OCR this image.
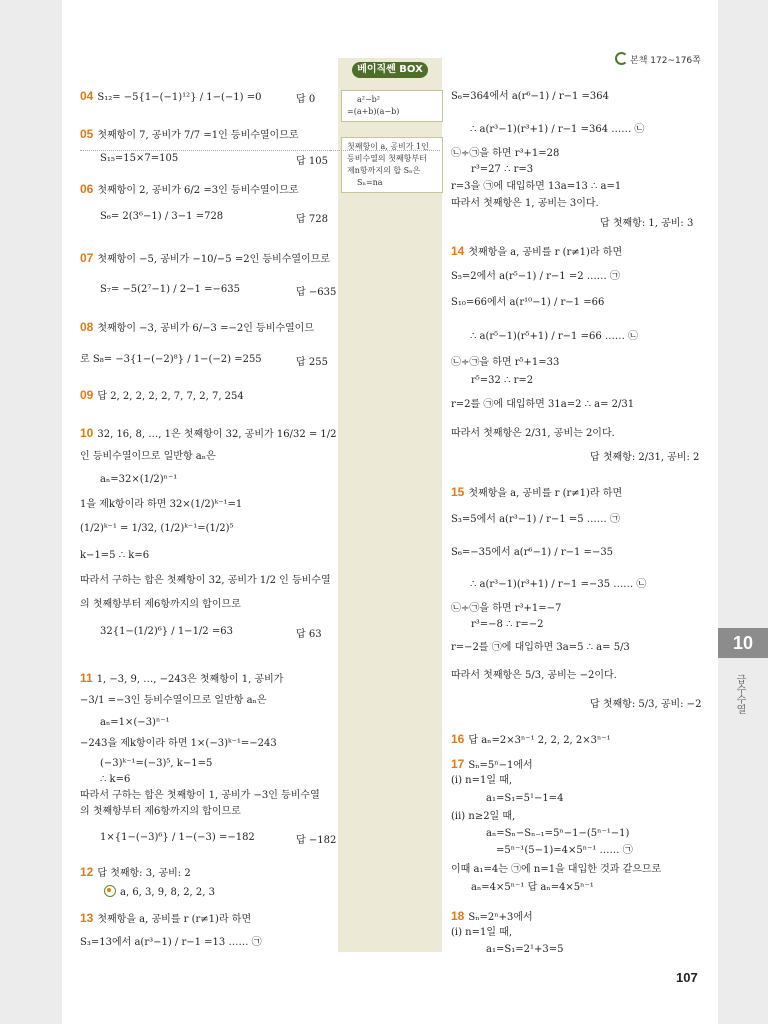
베이직쎈 BOX
본책 172~176쪽
a²−b²
=(a+b)(a−b)
첫째항이 a, 공비가 1인
등비수열의 첫째항부터
제n항까지의 합 Sₙ은
Sₙ=na
04 S₁₂= −5{1−(−1)¹²} / 1−(−1) =0	답 0
05 첫째항이 7, 공비가 7/7 =1인 등비수열이므로
S₁₅=15×7=105	답 105
06 첫째항이 2, 공비가 6/2 =3인 등비수열이므로
S₆= 2(3⁶−1) / 3−1 =728	답 728
07 첫째항이 −5, 공비가 −10/−5 =2인 등비수열이므로
S₇= −5(2⁷−1) / 2−1 =−635	답 −635
08 첫째항이 −3, 공비가 6/−3 =−2인 등비수열이므
로 S₈= −3{1−(−2)⁸} / 1−(−2) =255	답 255
09 답 2, 2, 2, 2, 2, 7, 7, 2, 7, 254
10 32, 16, 8, …, 1은 첫째항이 32, 공비가 16/32 = 1/2
인 등비수열이므로 일반항 aₙ은
aₙ=32×(1/2)ⁿ⁻¹
1을 제k항이라 하면 32×(1/2)ᵏ⁻¹=1
(1/2)ᵏ⁻¹ = 1/32, (1/2)ᵏ⁻¹=(1/2)⁵
k−1=5 ∴ k=6
따라서 구하는 합은 첫째항이 32, 공비가 1/2 인 등비수열
의 첫째항부터 제6항까지의 합이므로
32{1−(1/2)⁶} / 1−1/2 =63	답 63
11 1, −3, 9, …, −243은 첫째항이 1, 공비가
−3/1 =−3인 등비수열이므로 일반항 aₙ은
aₙ=1×(−3)ⁿ⁻¹
−243을 제k항이라 하면 1×(−3)ᵏ⁻¹=−243
(−3)ᵏ⁻¹=(−3)⁵, k−1=5
∴ k=6
따라서 구하는 합은 첫째항이 1, 공비가 −3인 등비수열
의 첫째항부터 제6항까지의 합이므로
1×{1−(−3)⁶} / 1−(−3) =−182	답 −182
12 답 첫째항: 3, 공비: 2
a, 6, 3, 9, 8, 2, 2, 3
13 첫째항을 a, 공비를 r (r≠1)라 하면
S₃=13에서 a(r³−1) / r−1 =13 …… ㉠
S₆=364에서 a(r⁶−1) / r−1 =364
∴ a(r³−1)(r³+1) / r−1 =364 …… ㉡
㉡÷㉠을 하면 r³+1=28
r³=27 ∴ r=3
r=3을 ㉠에 대입하면 13a=13 ∴ a=1
따라서 첫째항은 1, 공비는 3이다.
답 첫째항: 1, 공비: 3
14 첫째항을 a, 공비를 r (r≠1)라 하면
S₅=2에서 a(r⁵−1) / r−1 =2 …… ㉠
S₁₀=66에서 a(r¹⁰−1) / r−1 =66
∴ a(r⁵−1)(r⁵+1) / r−1 =66 …… ㉡
㉡÷㉠을 하면 r⁵+1=33
r⁵=32 ∴ r=2
r=2를 ㉠에 대입하면 31a=2 ∴ a= 2/31
따라서 첫째항은 2/31, 공비는 2이다.
답 첫째항: 2/31, 공비: 2
15 첫째항을 a, 공비를 r (r≠1)라 하면
S₃=5에서 a(r³−1) / r−1 =5 …… ㉠
S₆=−35에서 a(r⁶−1) / r−1 =−35
∴ a(r³−1)(r³+1) / r−1 =−35 …… ㉡
㉡÷㉠을 하면 r³+1=−7
r³=−8 ∴ r=−2
r=−2를 ㉠에 대입하면 3a=5 ∴ a= 5/3
따라서 첫째항은 5/3, 공비는 −2이다.
답 첫째항: 5/3, 공비: −2
16 답 aₙ=2×3ⁿ⁻¹ 2, 2, 2, 2×3ⁿ⁻¹
17 Sₙ=5ⁿ−1에서
(ⅰ) n=1일 때,
a₁=S₁=5¹−1=4
(ⅱ) n≥2일 때,
aₙ=Sₙ−Sₙ₋₁=5ⁿ−1−(5ⁿ⁻¹−1)
=5ⁿ⁻¹(5−1)=4×5ⁿ⁻¹ …… ㉠
이때 a₁=4는 ㉠에 n=1을 대입한 것과 같으므로
aₙ=4×5ⁿ⁻¹ 답 aₙ=4×5ⁿ⁻¹
18 Sₙ=2ⁿ+3에서
(ⅰ) n=1일 때,
a₁=S₁=2¹+3=5
10
급수수열
107
